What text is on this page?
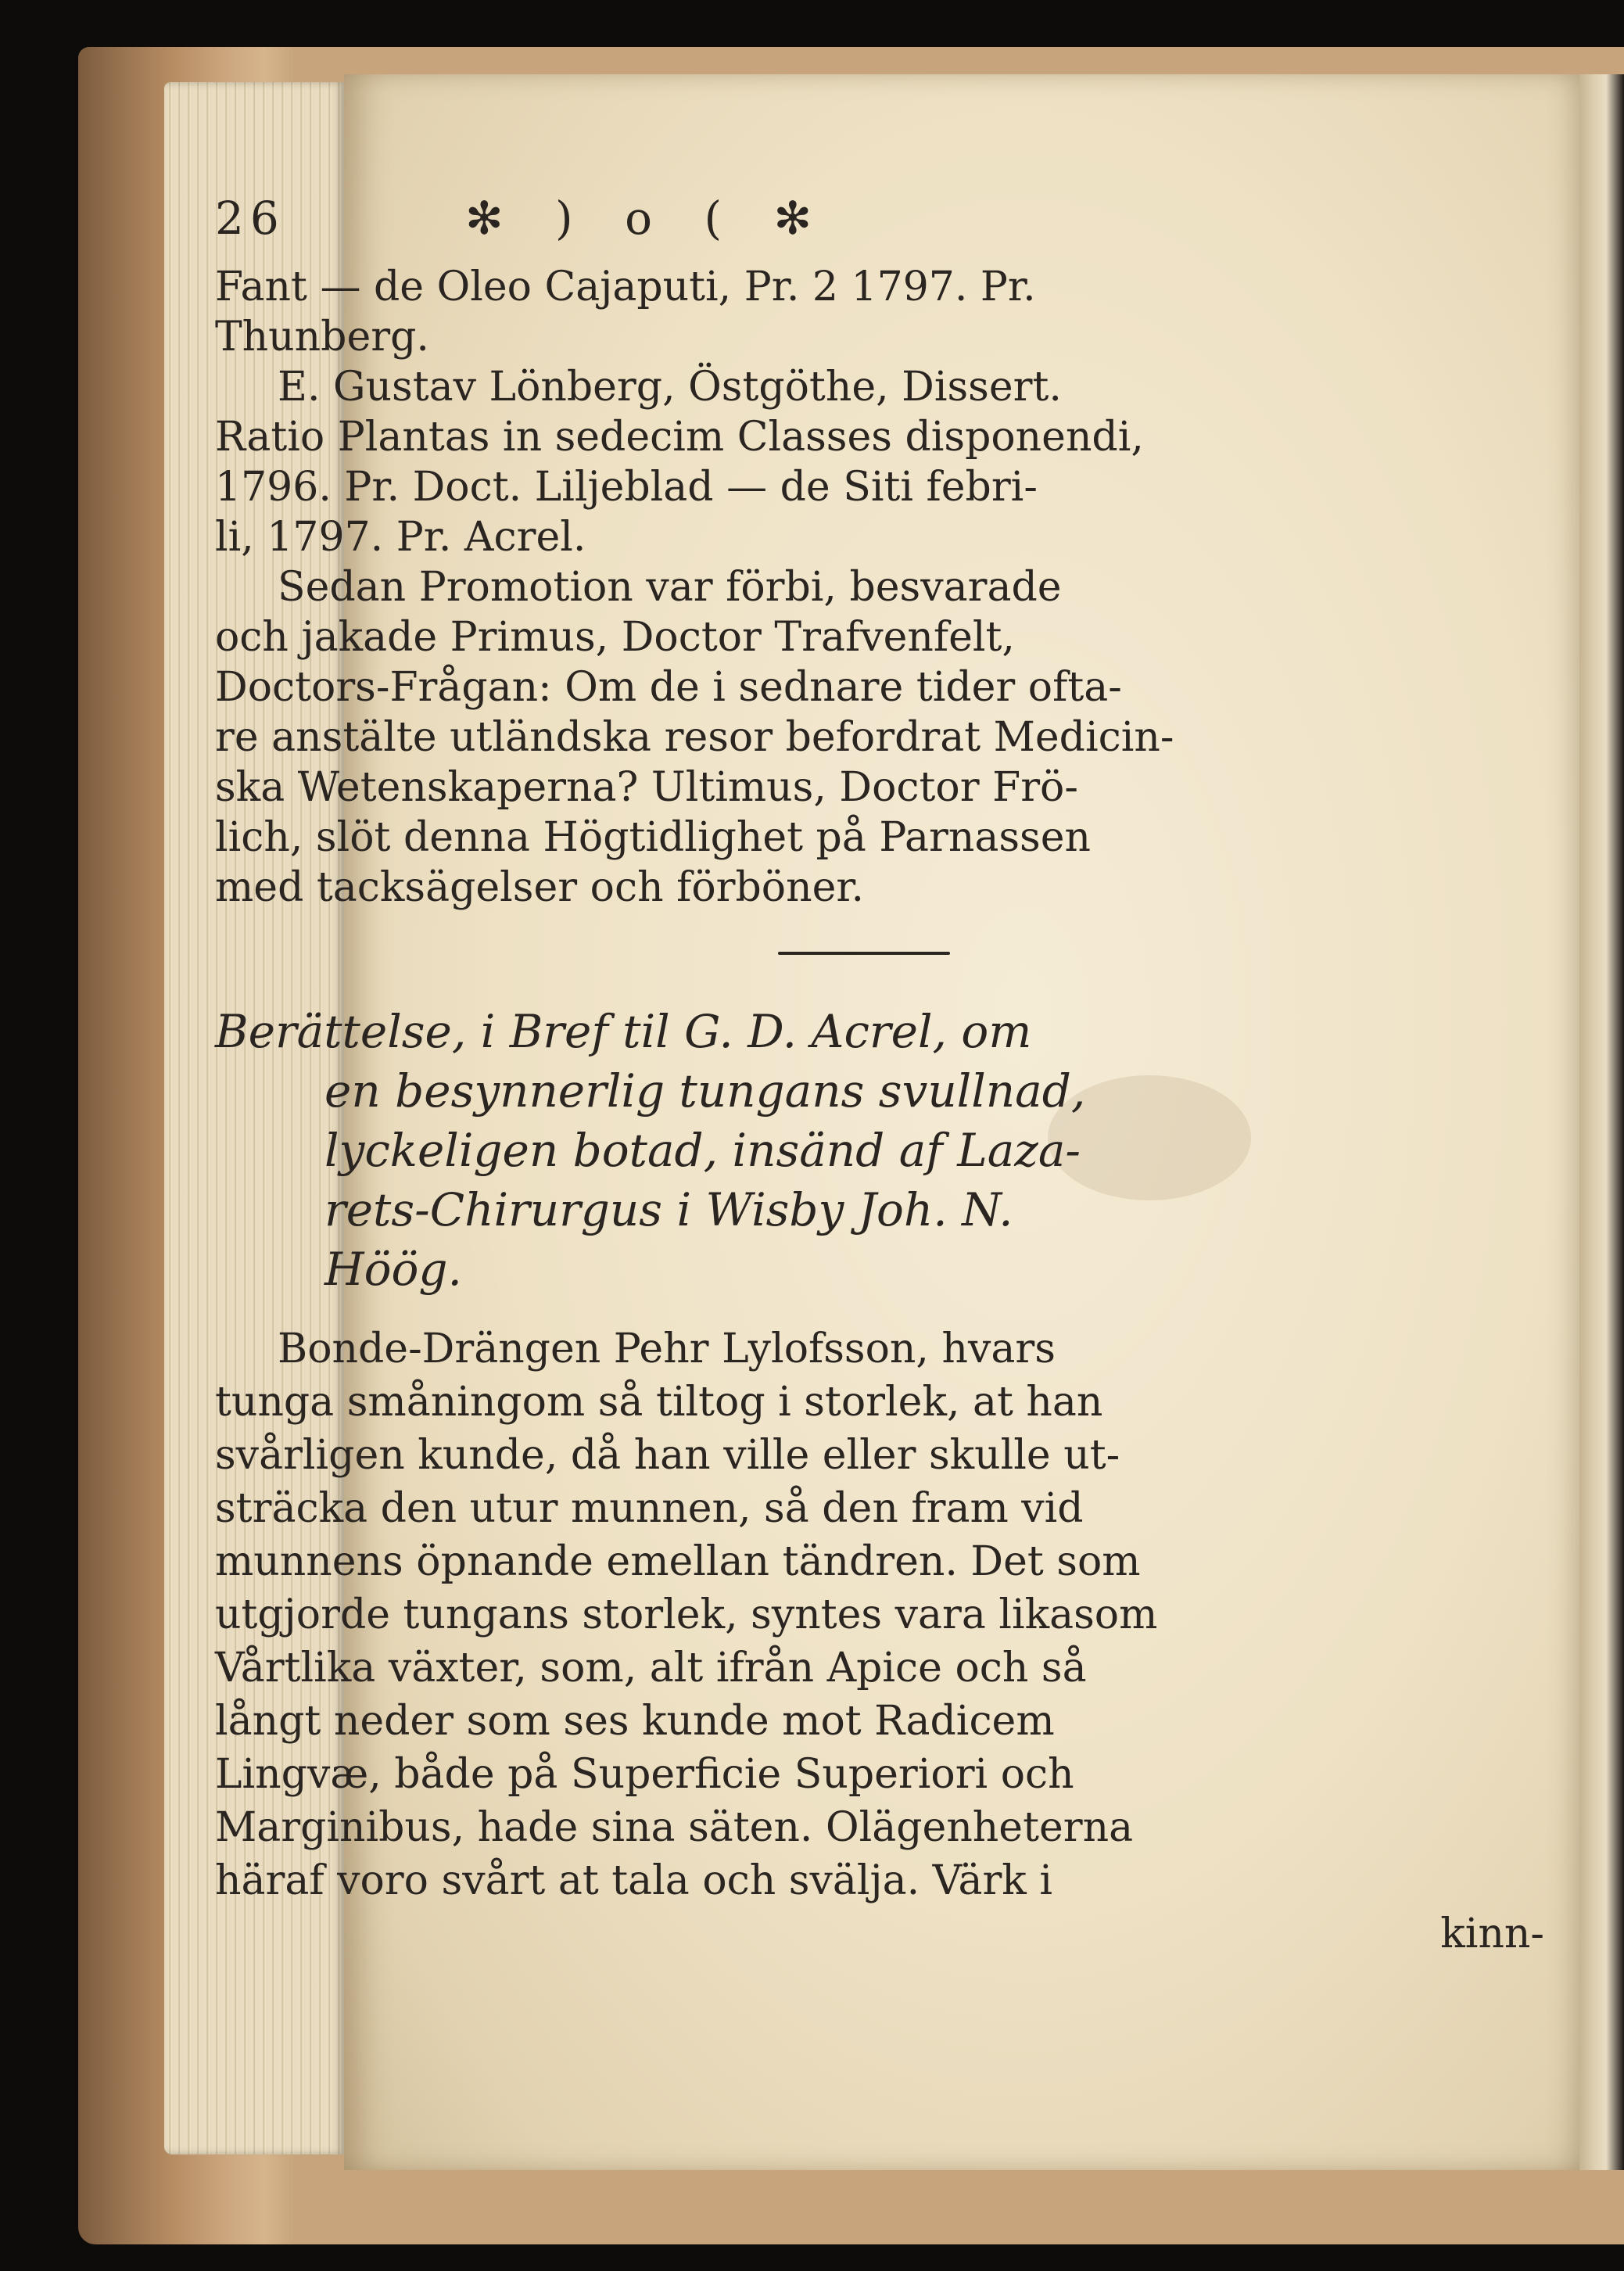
26	✻ ) o ( ✻

Fant — de Oleo Cajaputi, Pr. 2 1797. Pr.
Thunberg.
E. Gustav Lönberg, Östgöthe, Dissert.
Ratio Plantas in sedecim Classes disponendi,
1796. Pr. Doct. Liljeblad — de Siti febri-
li, 1797. Pr. Acrel.

Sedan Promotion var förbi, besvarade
och jakade Primus, Doctor Trafvenfelt,
Doctors-Frågan: Om de i sednare tider ofta-
re anstälte utländska resor befordrat Medicin-
ska Wetenskaperna? Ultimus, Doctor Frö-
lich, slöt denna Högtidlighet på Parnassen
med tacksägelser och förböner.

Berättelse, i Bref til G. D. Acrel, om
en besynnerlig tungans svullnad,
lyckeligen botad, insänd af Laza-
rets-Chirurgus i Wisby Joh. N.
Höög.

Bonde-Drängen Pehr Lylofsson, hvars
tunga småningom så tiltog i storlek, at han
svårligen kunde, då han ville eller skulle ut-
sträcka den utur munnen, så den fram vid
munnens öpnande emellan tändren. Det som
utgjorde tungans storlek, syntes vara likasom
Vårtlika växter, som, alt ifrån Apice och så
långt neder som ses kunde mot Radicem
Lingvæ, både på Superficie Superiori och
Marginibus, hade sina säten. Olägenheterna
häraf voro svårt at tala och svälja. Värk i

kinn-
